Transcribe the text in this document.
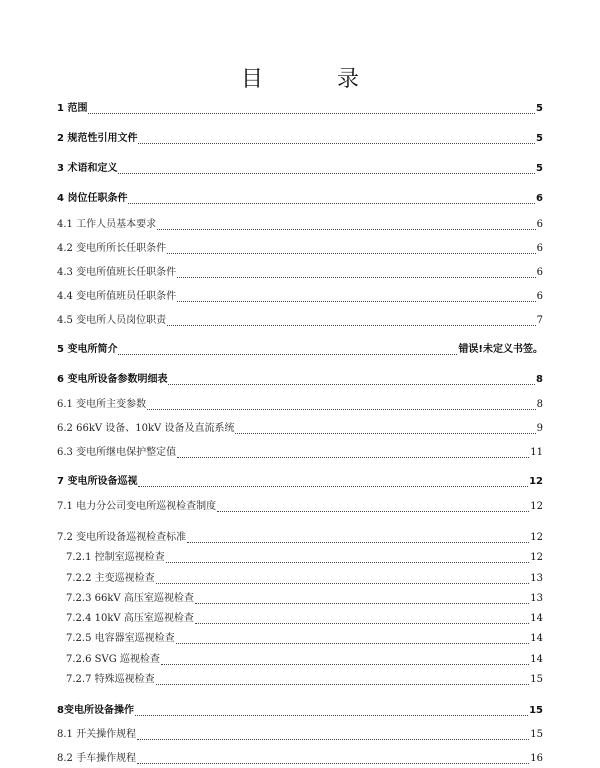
目　录
1 范围	5
2 规范性引用文件	5
3 术语和定义	5
4 岗位任职条件	6
4.1 工作人员基本要求	6
4.2 变电所所长任职条件	6
4.3 变电所值班长任职条件	6
4.4 变电所值班员任职条件	6
4.5 变电所人员岗位职责	7
5 变电所简介	错误!未定义书签。
6 变电所设备参数明细表	8
6.1 变电所主变参数	8
6.2 66kV 设备、10kV 设备及直流系统	9
6.3 变电所继电保护整定值	11
7 变电所设备巡视	12
7.1 电力分公司变电所巡视检查制度	12
7.2 变电所设备巡视检查标准	12
7.2.1 控制室巡视检查	12
7.2.2 主变巡视检查	13
7.2.3 66kV 高压室巡视检查	13
7.2.4 10kV 高压室巡视检查	14
7.2.5 电容器室巡视检查	14
7.2.6 SVG 巡视检查	14
7.2.7 特殊巡视检查	15
8变电所设备操作	15
8.1 开关操作规程	15
8.2 手车操作规程	16
